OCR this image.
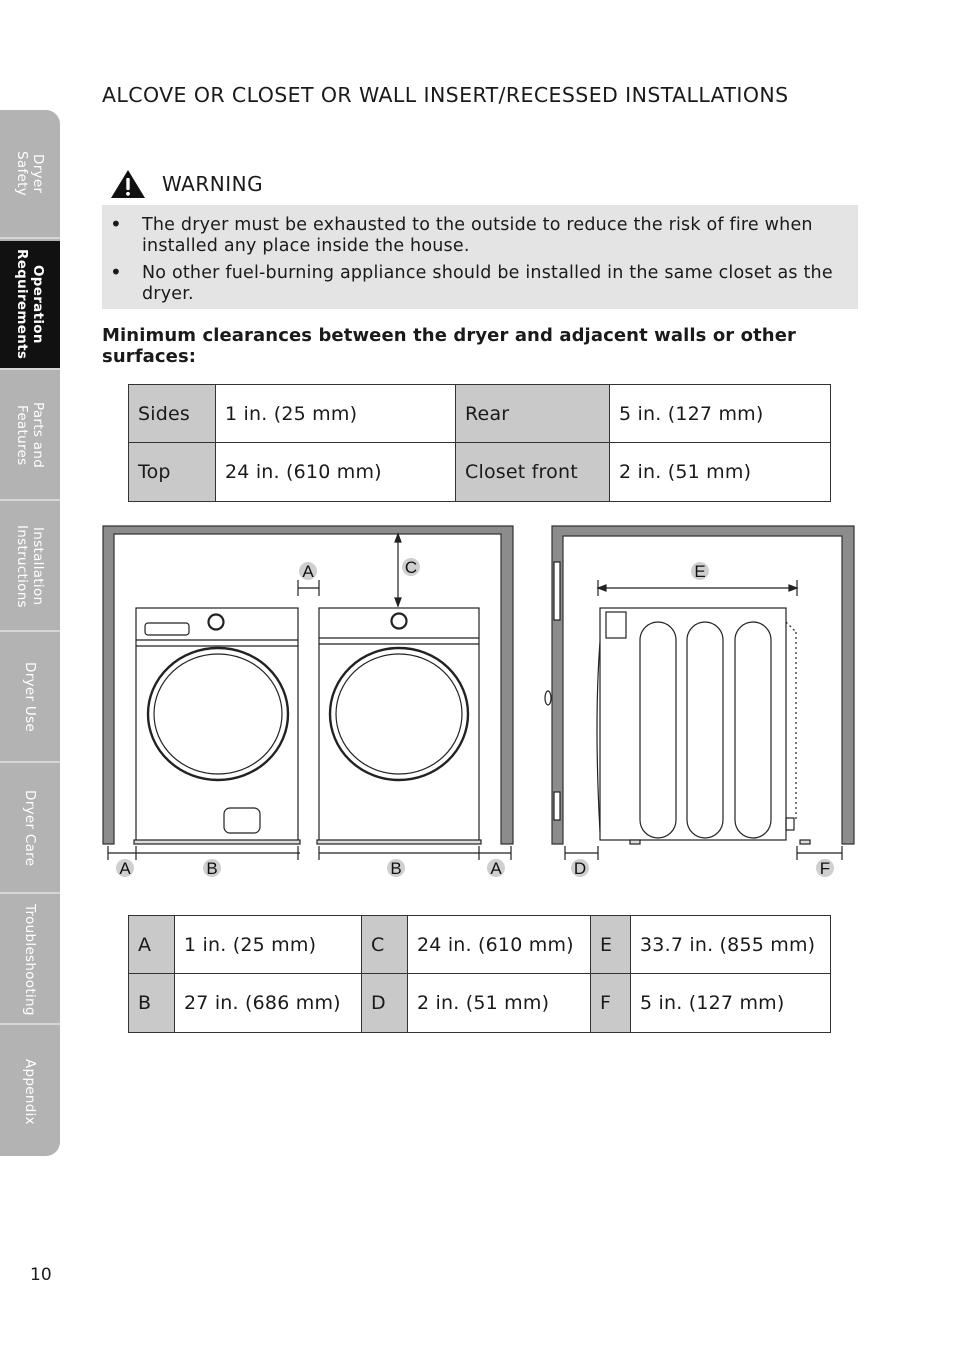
Dryer
Safety
Operation
Requirements
Parts and
Features
Installation
Instructions
Dryer Use
Dryer Care
Troubleshooting
Appendix
ALCOVE OR CLOSET OR WALL INSERT/RECESSED INSTALLATIONS
WARNING
• The dryer must be exhausted to the outside to reduce the risk of fire when installed any place inside the house.
• No other fuel-burning appliance should be installed in the same closet as the dryer.
Minimum clearances between the dryer and adjacent walls or other surfaces:
Sides	1 in. (25 mm)	Rear	5 in. (127 mm)
Top	24 in. (610 mm)	Closet front	2 in. (51 mm)
A	C
A	B	B	A
E
D	F
A	1 in. (25 mm)	C	24 in. (610 mm)	E	33.7 in. (855 mm)
B	27 in. (686 mm)	D	2 in. (51 mm)	F	5 in. (127 mm)
10
